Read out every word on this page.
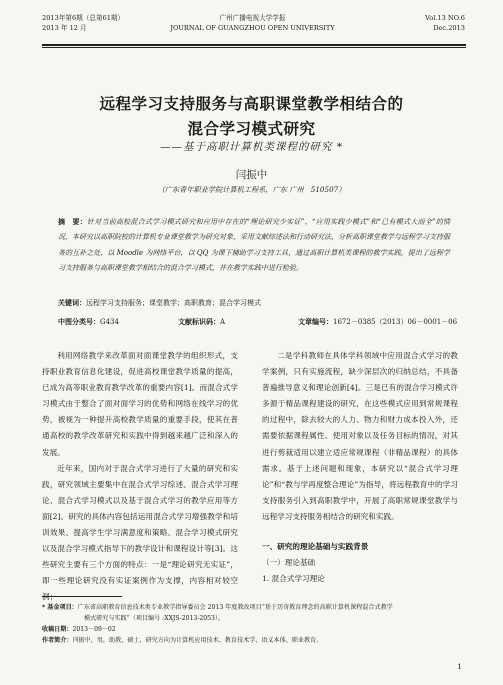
2013年第6期（总第61期）
2013 年 12 月
广州广播电视大学学报
JOURNAL OF GUANGZHOU OPEN UNIVERSITY
Vol.13 NO.6
Dec.2013
远程学习支持服务与高职课堂教学相结合的
混合学习模式研究
——基于高职计算机类课程的研究 *
闫振中
（广东青年职业学院计算机工程系，广东 广州　510507）
摘　要：针对当前高校混合式学习模式研究和应用中存在的“理论研究少实证”、“应用实践少模式”和“已有模式大而全”的情况，本研究以高职院校的计算机专业课堂教学为研究对象，采用文献综述法和行动研究法，分析高职课堂教学与远程学习支持服务的互补之处，以 Moodle 为网络平台，以 QQ 为课下辅助学习支持工具，通过高职计算机类课程的教学实践，提出了远程学习支持服务与高职课堂教学相结合的混合学习模式，并在教学实践中进行检验。
关键词：远程学习支持服务；课堂教学；高职教育；混合学习模式
中图分类号：G434	文献标识码：A	文章编号：1672－0385（2013）06－0001－06

利用网络教学来改革面对面课堂教学的组织形式，支持职业教育信息化建设，促进高校课堂教学质量的提高，已成为高等职业教育教学改革的重要内容[1]。而混合式学习模式由于整合了面对面学习的优势和网络在线学习的优势，被视为一种提升高校教学质量的重要手段，使其在普通高校的教学改革研究和实践中得到越来越广泛和深入的发展。

近年来，国内对于混合式学习进行了大量的研究和实践，研究领域主要集中在混合式学习综述、混合式学习理论、混合式学习模式以及基于混合式学习的教学应用等方面[2]。研究的具体内容包括运用混合式学习增强教学和培训效果、提高学生学习满意度和策略、混合学习模式研究以及混合学习模式指导下的教学设计和课程设计等[3]。这些研究主要有三个方面的特点：一是“理论研究无实证”，即一些理论研究没有实证案例作为支撑，内容相对较空洞；

二是学科教师在具体学科领域中应用混合式学习的教学案例，只有实施流程，缺少深层次的归纳总结，不具备普遍推导意义和理论创新[4]。三是已有的混合学习模式许多源于精品课程建设的研究，在这些模式应用到常规课程的过程中，除去较大的人力、物力和财力成本投入外，还需要依据课程属性、使用对象以及任务目标的情况，对其进行剪裁适用以建立适应常规课程（非精品课程）的具体需求。基于上述问题和现象，本研究以“混合式学习理论”和“教与学再度整合理论”为指导，将远程教育中的学习支持服务引入到高职教学中，开展了高职常规课堂教学与远程学习支持服务相结合的研究和实践。

一、研究的理论基础与实践背景
（一）理论基础
1. 混合式学习理论
* 基金项目：广东省高职教育信息技术类专业教学指导委员会 2013 年度教改项目“基于历奇教育理念的高职计算机课程混合式教学
模式研究与实践”（项目编号 :XXJS-2013-2053）。
收稿日期：2013－09－02
作者简介：闫振中，男，助教，硕士，研究方向为计算机应用技术、教育技术学、语义本体、职业教育。
1
